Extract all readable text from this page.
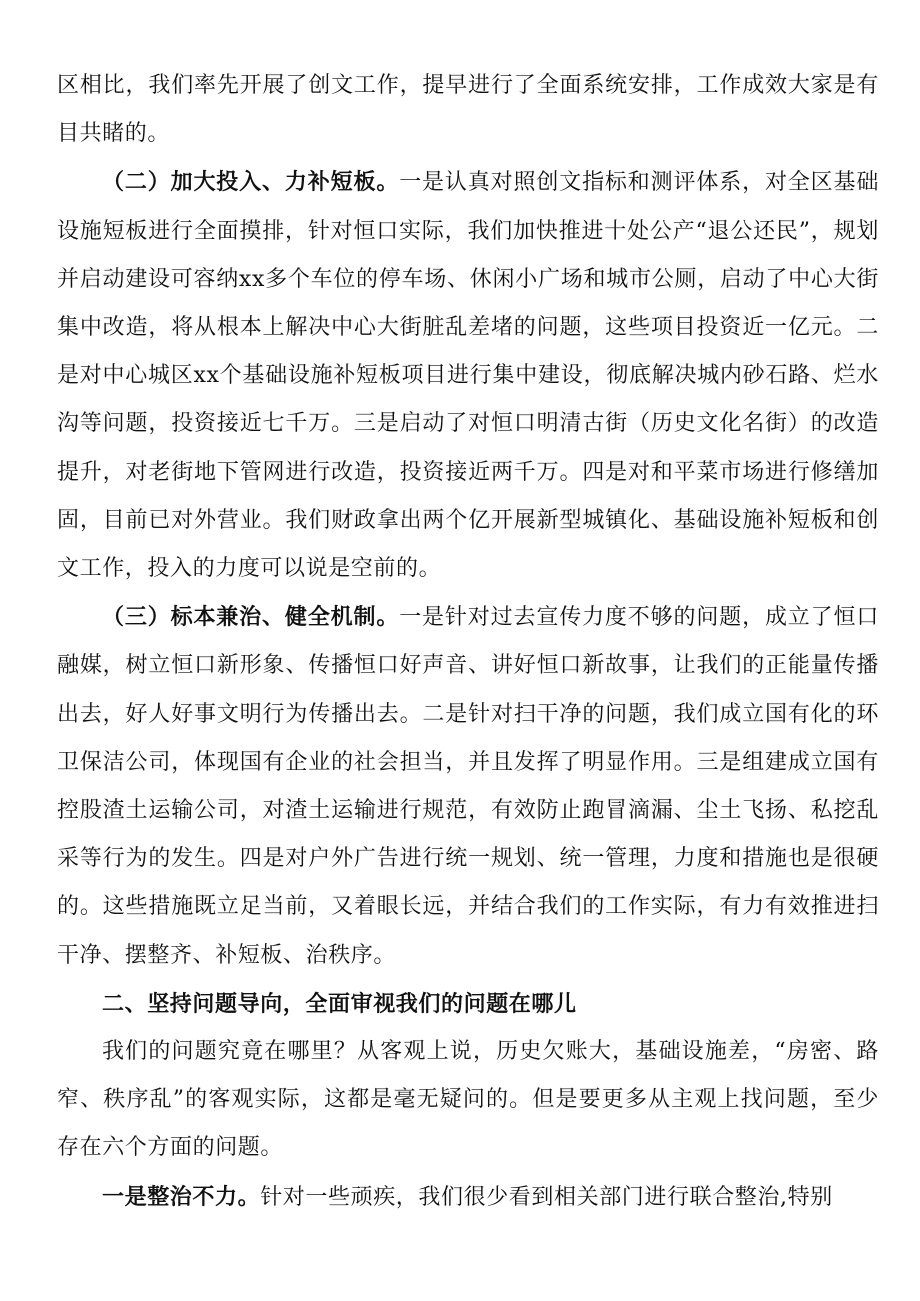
区相比，我们率先开展了创文工作，提早进行了全面系统安排，工作成效大家是有目共睹的。

（二）加大投入、力补短板。一是认真对照创文指标和测评体系，对全区基础设施短板进行全面摸排，针对恒口实际，我们加快推进十处公产“退公还民”，规划并启动建设可容纳xx多个车位的停车场、休闲小广场和城市公厕，启动了中心大街集中改造，将从根本上解决中心大街脏乱差堵的问题，这些项目投资近一亿元。二是对中心城区xx个基础设施补短板项目进行集中建设，彻底解决城内砂石路、烂水沟等问题，投资接近七千万。三是启动了对恒口明清古街（历史文化名街）的改造提升，对老街地下管网进行改造，投资接近两千万。四是对和平菜市场进行修缮加固，目前已对外营业。我们财政拿出两个亿开展新型城镇化、基础设施补短板和创文工作，投入的力度可以说是空前的。

（三）标本兼治、健全机制。一是针对过去宣传力度不够的问题，成立了恒口融媒，树立恒口新形象、传播恒口好声音、讲好恒口新故事，让我们的正能量传播出去，好人好事文明行为传播出去。二是针对扫干净的问题，我们成立国有化的环卫保洁公司，体现国有企业的社会担当，并且发挥了明显作用。三是组建成立国有控股渣土运输公司，对渣土运输进行规范，有效防止跑冒滴漏、尘土飞扬、私挖乱采等行为的发生。四是对户外广告进行统一规划、统一管理，力度和措施也是很硬的。这些措施既立足当前，又着眼长远，并结合我们的工作实际，有力有效推进扫干净、摆整齐、补短板、治秩序。

二、坚持问题导向，全面审视我们的问题在哪儿

我们的问题究竟在哪里？从客观上说，历史欠账大，基础设施差，“房密、路窄、秩序乱”的客观实际，这都是毫无疑问的。但是要更多从主观上找问题，至少存在六个方面的问题。

一是整治不力。针对一些顽疾，我们很少看到相关部门进行联合整治,特别
